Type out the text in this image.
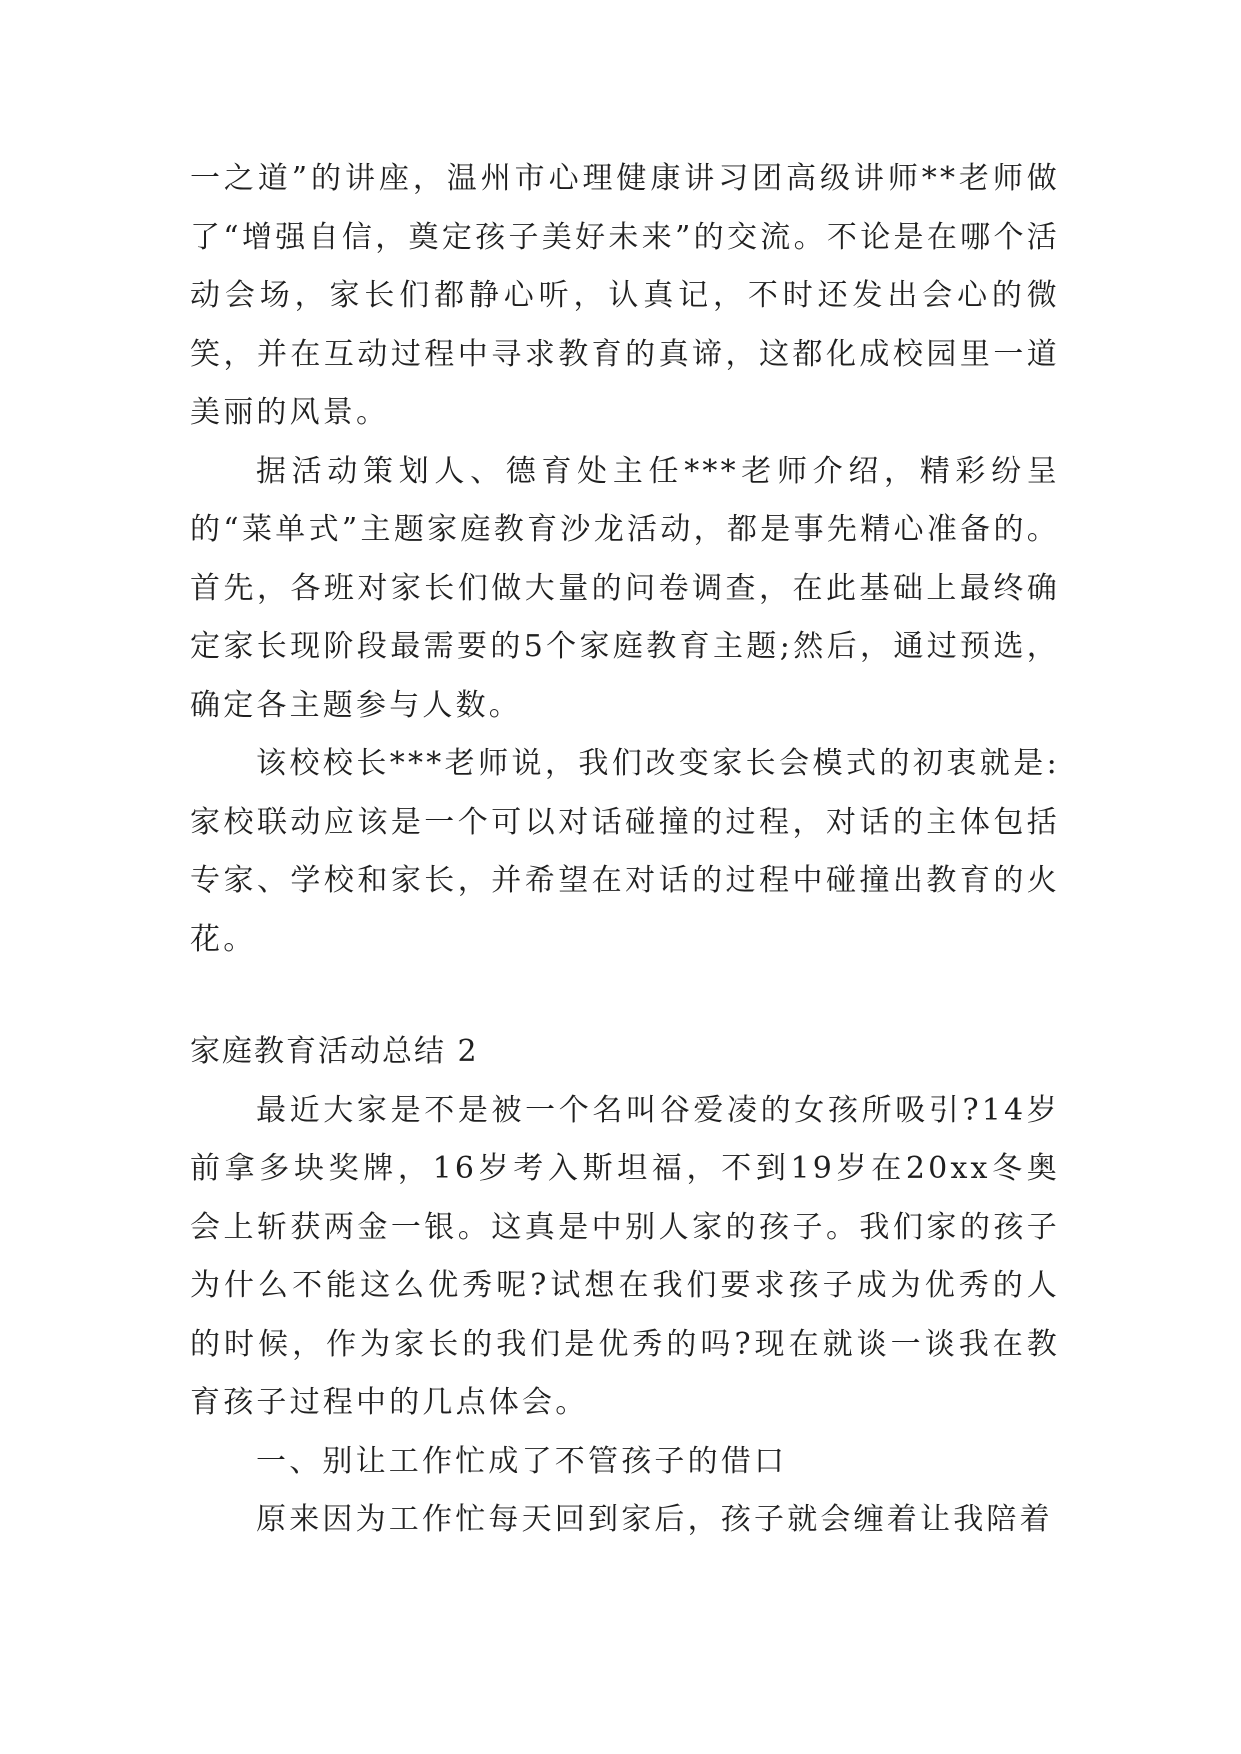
一之道”的讲座，温州市心理健康讲习团高级讲师**老师做了“增强自信，奠定孩子美好未来”的交流。不论是在哪个活动会场，家长们都静心听，认真记，不时还发出会心的微笑，并在互动过程中寻求教育的真谛，这都化成校园里一道美丽的风景。

据活动策划人、德育处主任***老师介绍，精彩纷呈的“菜单式”主题家庭教育沙龙活动，都是事先精心准备的。首先，各班对家长们做大量的问卷调查，在此基础上最终确定家长现阶段最需要的5个家庭教育主题;然后，通过预选，确定各主题参与人数。

该校校长***老师说，我们改变家长会模式的初衷就是:家校联动应该是一个可以对话碰撞的过程，对话的主体包括专家、学校和家长，并希望在对话的过程中碰撞出教育的火花。

家庭教育活动总结 2

最近大家是不是被一个名叫谷爱凌的女孩所吸引?14岁前拿多块奖牌，16岁考入斯坦福，不到19岁在20xx冬奥会上斩获两金一银。这真是中别人家的孩子。我们家的孩子为什么不能这么优秀呢?试想在我们要求孩子成为优秀的人的时候，作为家长的我们是优秀的吗?现在就谈一谈我在教育孩子过程中的几点体会。

一、别让工作忙成了不管孩子的借口

原来因为工作忙每天回到家后，孩子就会缠着让我陪着
